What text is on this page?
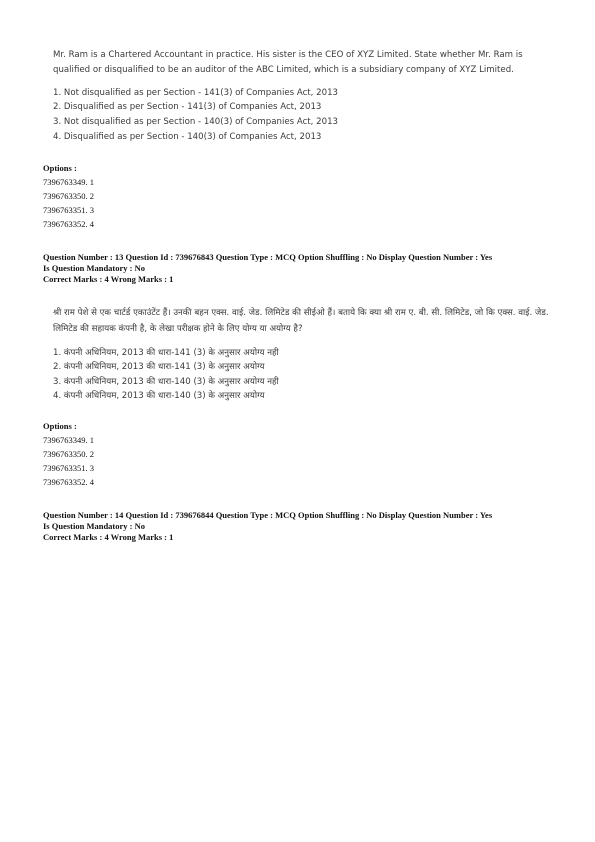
Mr. Ram is a Chartered Accountant in practice. His sister is the CEO of XYZ Limited. State whether Mr. Ram is qualified or disqualified to be an auditor of the ABC Limited, which is a subsidiary company of XYZ Limited.
1. Not disqualified as per Section - 141(3) of Companies Act, 2013
2. Disqualified as per Section - 141(3) of Companies Act, 2013
3. Not disqualified as per Section - 140(3) of Companies Act, 2013
4. Disqualified as per Section - 140(3) of Companies Act, 2013
Options :
7396763349. 1
7396763350. 2
7396763351. 3
7396763352. 4
Question Number : 13 Question Id : 739676843 Question Type : MCQ Option Shuffling : No Display Question Number : Yes
Is Question Mandatory : No
Correct Marks : 4 Wrong Marks : 1
श्री राम पेशे से एक चार्टर्ड एकाउंटेंट हैं। उनकी बहन एक्स. वाई. जेड. लिमिटेड की सीईओ हैं। बताये कि क्या श्री राम ए. बी. सी. लिमिटेड, जो कि एक्स. वाई. जेड. लिमिटेड की सहायक कंपनी है, के लेखा परीक्षक होने के लिए योग्य या अयोग्य है?
1. कंपनी अधिनियम, 2013 की धारा-141 (3) के अनुसार अयोग्य नही
2. कंपनी अधिनियम, 2013 की धारा-141 (3) के अनुसार अयोग्य
3. कंपनी अधिनियम, 2013 की धारा-140 (3) के अनुसार अयोग्य नही
4. कंपनी अधिनियम, 2013 की धारा-140 (3) के अनुसार अयोग्य
Options :
7396763349. 1
7396763350. 2
7396763351. 3
7396763352. 4
Question Number : 14 Question Id : 739676844 Question Type : MCQ Option Shuffling : No Display Question Number : Yes
Is Question Mandatory : No
Correct Marks : 4 Wrong Marks : 1
